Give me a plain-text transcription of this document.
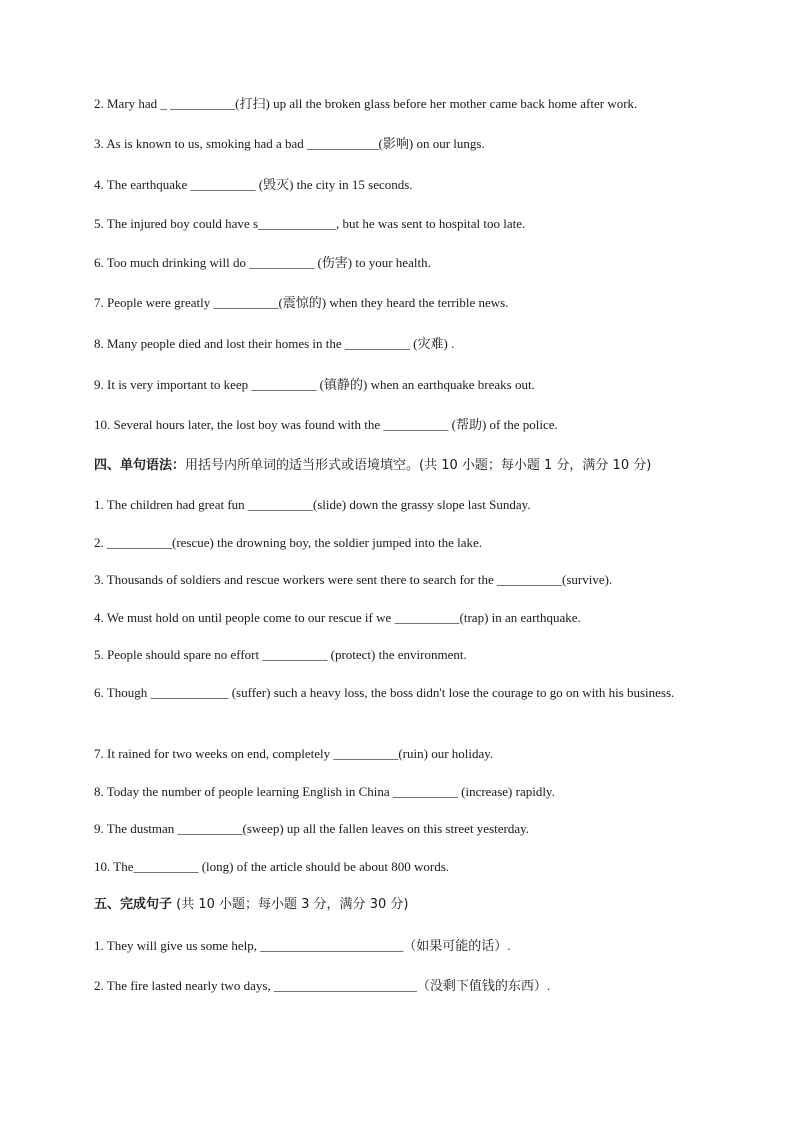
2. Mary had _ __________(打扫) up all the broken glass before her mother came back home after work.
3. As is known to us, smoking had a bad ___________(影响) on our lungs.
4. The earthquake __________ (毁灭) the city in 15 seconds.
5. The injured boy could have s____________, but he was sent to hospital too late.
6. Too much drinking will do __________ (伤害) to your health.
7. People were greatly __________(震惊的) when they heard the terrible news.
8. Many people died and lost their homes in the __________ (灾难) .
9. It is very important to keep __________ (镇静的) when an earthquake breaks out.
10. Several hours later, the lost boy was found with the __________ (帮助) of the police.
四、单句语法：用括号内所单词的适当形式或语境填空。(共 10 小题；每小题 1 分，满分 10 分)
1. The children had great fun __________(slide) down the grassy slope last Sunday.
2. __________(rescue) the drowning boy, the soldier jumped into the lake.
3. Thousands of soldiers and rescue workers were sent there to search for the __________(survive).
4. We must hold on until people come to our rescue if we __________(trap) in an earthquake.
5. People should spare no effort __________ (protect) the environment.
6. Though ____________ (suffer) such a heavy loss, the boss didn't lose the courage to go on with his business.
7. It rained for two weeks on end, completely __________(ruin) our holiday.
8. Today the number of people learning English in China __________ (increase) rapidly.
9. The dustman __________(sweep) up all the fallen leaves on this street yesterday.
10. The__________ (long) of the article should be about 800 words.
五、完成句子 (共 10 小题；每小题 3 分，满分 30 分)
1. They will give us some help, ______________________（如果可能的话）.
2. The fire lasted nearly two days, ______________________（没剩下值钱的东西）.
